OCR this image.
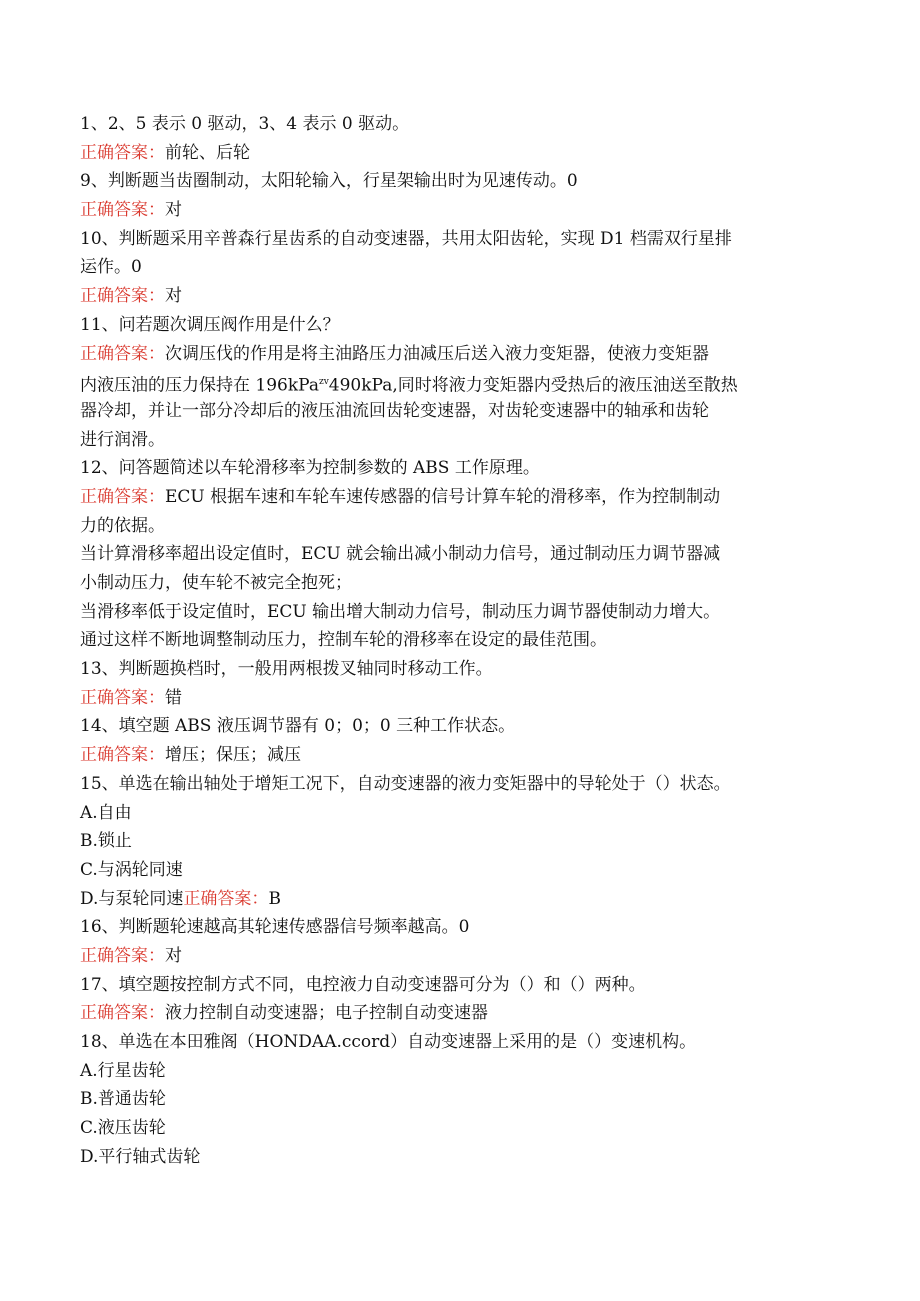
1、2、5 表示 0 驱动，3、4 表示 0 驱动。
正确答案：前轮、后轮
9、判断题当齿圈制动，太阳轮输入，行星架输出时为见速传动。0
正确答案：对
10、判断题采用辛普森行星齿系的自动变速器，共用太阳齿轮，实现 D1 档需双行星排
运作。0
正确答案：对
11、问若题次调压阀作用是什么？
正确答案：次调压伐的作用是将主油路压力油减压后送入液力变矩器，使液力变矩器
内液压油的压力保持在 196kPa$^{zv}$490kPa,同时将液力变矩器内受热后的液压油送至散热
器冷却，并让一部分冷却后的液压油流回齿轮变速器，对齿轮变速器中的轴承和齿轮
进行润滑。
12、问答题简述以车轮滑移率为控制参数的 ABS 工作原理。
正确答案：ECU 根据车速和车轮车速传感器的信号计算车轮的滑移率，作为控制制动
力的依据。
当计算滑移率超出设定值时，ECU 就会输出减小制动力信号，通过制动压力调节器减
小制动压力，使车轮不被完全抱死；
当滑移率低于设定值时，ECU 输出增大制动力信号，制动压力调节器使制动力增大。
通过这样不断地调整制动压力，控制车轮的滑移率在设定的最佳范围。
13、判断题换档时，一般用两根拨叉轴同时移动工作。
正确答案：错
14、填空题 ABS 液压调节器有 0；0；0 三种工作状态。
正确答案：增压；保压；减压
15、单选在输出轴处于增矩工况下，自动变速器的液力变矩器中的导轮处于（）状态。
A.自由
B.锁止
C.与涡轮同速
D.与泵轮同速正确答案：B
16、判断题轮速越高其轮速传感器信号频率越高。0
正确答案：对
17、填空题按控制方式不同，电控液力自动变速器可分为（）和（）两种。
正确答案：液力控制自动变速器；电子控制自动变速器
18、单选在本田雅阁（HONDAA.ccord）自动变速器上采用的是（）变速机构。
A.行星齿轮
B.普通齿轮
C.液压齿轮
D.平行轴式齿轮
